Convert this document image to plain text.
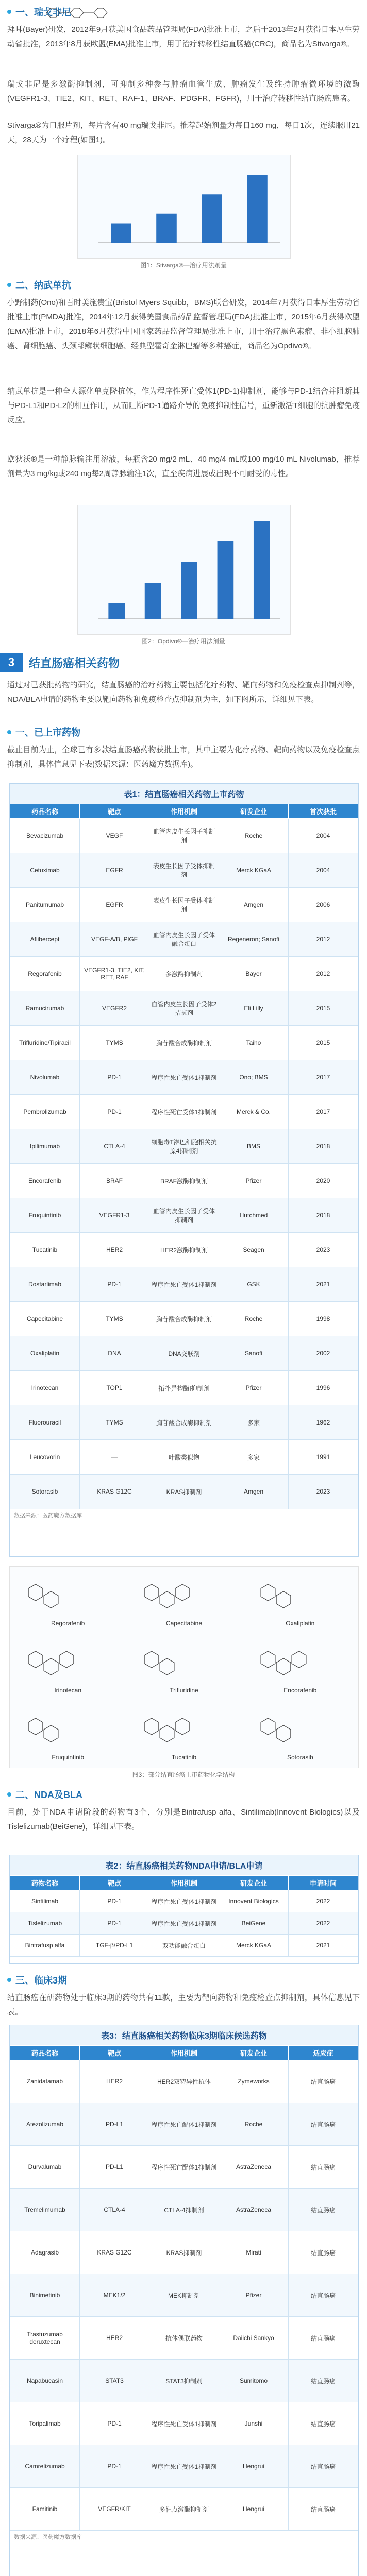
一、瑞戈非尼
拜耳(Bayer)研发，2012年9月获美国食品药品管理局(FDA)批准上市，之后于2013年2月获得日本厚生劳动省批准，2013年8月获欧盟(EMA)批准上市，用于治疗转移性结直肠癌(CRC)，商品名为Stivarga®。
瑞戈非尼是多激酶抑制剂，可抑制多种参与肿瘤血管生成、肿瘤发生及维持肿瘤微环境的激酶(VEGFR1-3、TIE2、KIT、RET、RAF-1、BRAF、PDGFR、FGFR)，用于治疗转移性结直肠癌患者。
Stivarga®为口服片剂，每片含有40 mg瑞戈非尼。推荐起始剂量为每日160 mg，每日1次，连续服用21天，28天为一个疗程(如图1)。
图1：Stivarga®—治疗用法剂量
二、纳武单抗
小野制药(Ono)和百时美施贵宝(Bristol Myers Squibb，BMS)联合研发，2014年7月获得日本厚生劳动省批准上市(PMDA)批准，2014年12月获得美国食品药品监督管理局(FDA)批准上市，2015年6月获得欧盟(EMA)批准上市，2018年6月获得中国国家药品监督管理局批准上市，用于治疗黑色素瘤、非小细胞肺癌、肾细胞癌、头颈部鳞状细胞癌、经典型霍奇金淋巴瘤等多种癌症，商品名为Opdivo®。
纳武单抗是一种全人源化单克隆抗体，作为程序性死亡受体1(PD-1)抑制剂，能够与PD-1结合并阻断其与PD-L1和PD-L2的相互作用，从而阻断PD-1通路介导的免疫抑制性信号，重新激活T细胞的抗肿瘤免疫反应。
欧狄沃®是一种静脉输注用溶液，每瓶含20 mg/2 mL、40 mg/4 mL或100 mg/10 mL Nivolumab，推荐剂量为3 mg/kg或240 mg每2周静脉输注1次，直至疾病进展或出现不可耐受的毒性。
图2：Opdivo®—治疗用法剂量
3	结直肠癌相关药物
通过对已获批药物的研究，结直肠癌的治疗药物主要包括化疗药物、靶向药物和免疫检查点抑制剂等，NDA/BLA申请的药物主要以靶向药物和免疫检查点抑制剂为主，如下图所示，详细见下表。
一、已上市药物
截止目前为止，全球已有多款结直肠癌药物获批上市，其中主要为化疗药物、靶向药物以及免疫检查点抑制剂，具体信息见下表(数据来源：医药魔方数据库)。
表1：结直肠癌相关药物上市药物
药品名称	靶点	作用机制	研发企业	首次获批
Bevacizumab	VEGF	血管内皮生长因子抑制剂	Roche	2004
Cetuximab	EGFR	表皮生长因子受体抑制剂	Merck KGaA	2004
Panitumumab	EGFR	表皮生长因子受体抑制剂	Amgen	2006
Aflibercept	VEGF-A/B, PlGF	血管内皮生长因子受体融合蛋白	Regeneron; Sanofi	2012
Regorafenib	VEGFR1-3, TIE2, KIT, RET, RAF	多激酶抑制剂	Bayer	2012
Ramucirumab	VEGFR2	血管内皮生长因子受体2拮抗剂	Eli Lilly	2015
Trifluridine/Tipiracil	TYMS	胸苷酸合成酶抑制剂	Taiho	2015
Nivolumab	PD-1	程序性死亡受体1抑制剂	Ono; BMS	2017
Pembrolizumab	PD-1	程序性死亡受体1抑制剂	Merck & Co.	2017
Ipilimumab	CTLA-4	细胞毒T淋巴细胞相关抗原4抑制剂	BMS	2018
Encorafenib	BRAF	BRAF激酶抑制剂	Pfizer	2020
Fruquintinib	VEGFR1-3	血管内皮生长因子受体抑制剂	Hutchmed	2018
Tucatinib	HER2	HER2激酶抑制剂	Seagen	2023
Dostarlimab	PD-1	程序性死亡受体1抑制剂	GSK	2021
Capecitabine	TYMS	胸苷酸合成酶抑制剂	Roche	1998
Oxaliplatin	DNA	DNA交联剂	Sanofi	2002
Irinotecan	TOP1	拓扑异构酶I抑制剂	Pfizer	1996
Fluorouracil	TYMS	胸苷酸合成酶抑制剂	多家	1962
Leucovorin	—	叶酸类似物	多家	1991
Sotorasib	KRAS G12C	KRAS抑制剂	Amgen	2023
数据来源：医药魔方数据库
Regorafenib	Capecitabine	Oxaliplatin
Irinotecan	Trifluridine	Encorafenib
Fruquintinib	Tucatinib	Sotorasib
图3：部分结直肠癌上市药物化学结构
二、NDA及BLA
目前，处于NDA申请阶段的药物有3个，分别是Bintrafusp alfa、Sintilimab(Innovent Biologics)以及Tislelizumab(BeiGene)，详细见下表。
表2：结直肠癌相关药物NDA申请/BLA申请
药物名称	靶点	作用机制	研发企业	申请时间
Sintilimab	PD-1	程序性死亡受体1抑制剂	Innovent Biologics	2022
Tislelizumab	PD-1	程序性死亡受体1抑制剂	BeiGene	2022
Bintrafusp alfa	TGF-β/PD-L1	双功能融合蛋白	Merck KGaA	2021
三、临床3期
结直肠癌在研药物处于临床3期的药物共有11款，主要为靶向药物和免疫检查点抑制剂，具体信息见下表。
表3：结直肠癌相关药物临床3期临床候选药物
药品名称	靶点	作用机制	研发企业	适应症
Zanidatamab	HER2	HER2双特异性抗体	Zymeworks	结直肠癌
Atezolizumab	PD-L1	程序性死亡配体1抑制剂	Roche	结直肠癌
Durvalumab	PD-L1	程序性死亡配体1抑制剂	AstraZeneca	结直肠癌
Tremelimumab	CTLA-4	CTLA-4抑制剂	AstraZeneca	结直肠癌
Adagrasib	KRAS G12C	KRAS抑制剂	Mirati	结直肠癌
Binimetinib	MEK1/2	MEK抑制剂	Pfizer	结直肠癌
Trastuzumab deruxtecan	HER2	抗体偶联药物	Daiichi Sankyo	结直肠癌
Napabucasin	STAT3	STAT3抑制剂	Sumitomo	结直肠癌
Toripalimab	PD-1	程序性死亡受体1抑制剂	Junshi	结直肠癌
Camrelizumab	PD-1	程序性死亡受体1抑制剂	Hengrui	结直肠癌
Famitinib	VEGFR/KIT	多靶点激酶抑制剂	Hengrui	结直肠癌
数据来源：医药魔方数据库
